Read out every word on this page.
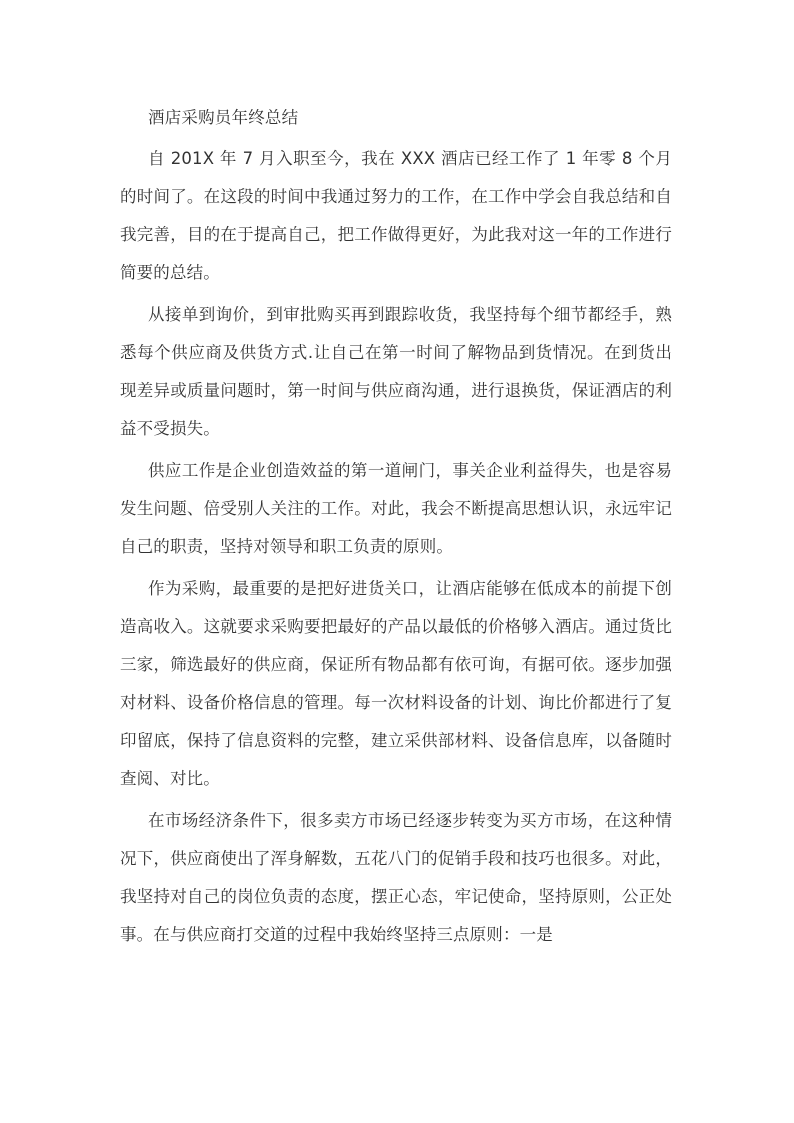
酒店采购员年终总结

自 201X 年 7 月入职至今，我在 XXX 酒店已经工作了 1 年零 8 个月的时间了。在这段的时间中我通过努力的工作，在工作中学会自我总结和自我完善，目的在于提高自己，把工作做得更好，为此我对这一年的工作进行简要的总结。

从接单到询价，到审批购买再到跟踪收货，我坚持每个细节都经手，熟悉每个供应商及供货方式.让自己在第一时间了解物品到货情况。在到货出现差异或质量问题时，第一时间与供应商沟通，进行退换货，保证酒店的利益不受损失。

供应工作是企业创造效益的第一道闸门，事关企业利益得失，也是容易发生问题、倍受别人关注的工作。对此，我会不断提高思想认识，永远牢记自己的职责，坚持对领导和职工负责的原则。

作为采购，最重要的是把好进货关口，让酒店能够在低成本的前提下创造高收入。这就要求采购要把最好的产品以最低的价格够入酒店。通过货比三家，筛选最好的供应商，保证所有物品都有依可询，有据可依。逐步加强对材料、设备价格信息的管理。每一次材料设备的计划、询比价都进行了复印留底，保持了信息资料的完整，建立采供部材料、设备信息库，以备随时查阅、对比。

在市场经济条件下，很多卖方市场已经逐步转变为买方市场，在这种情况下，供应商使出了浑身解数，五花八门的促销手段和技巧也很多。对此，我坚持对自己的岗位负责的态度，摆正心态，牢记使命，坚持原则，公正处事。在与供应商打交道的过程中我始终坚持三点原则：一是
